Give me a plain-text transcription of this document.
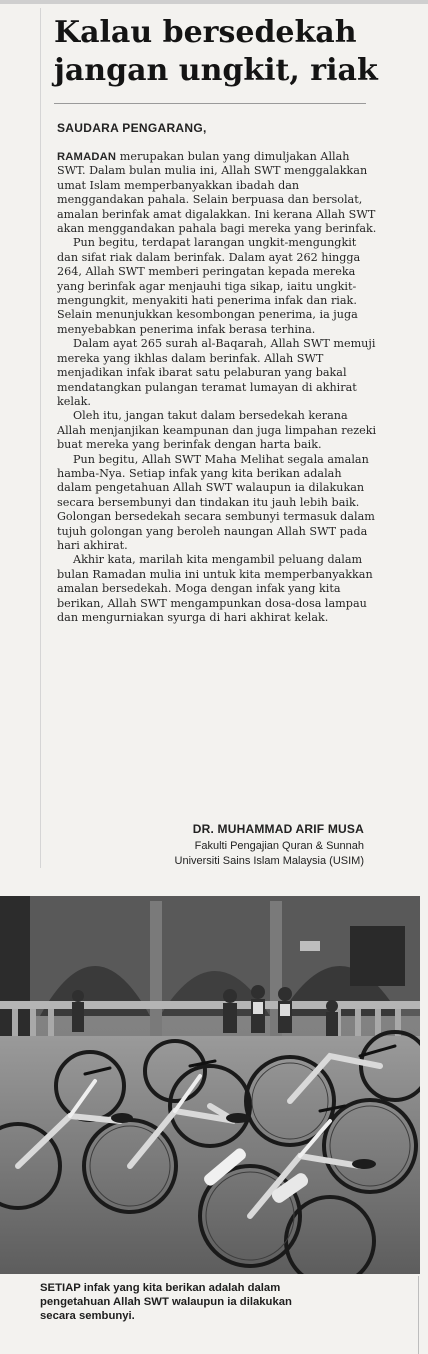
Kalau bersedekah
jangan ungkit, riak
SAUDARA PENGARANG,

RAMADAN merupakan bulan yang dimuljakan Allah SWT. Dalam bulan mulia ini, Allah SWT menggalakkan umat Islam memperbanyakkan ibadah dan menggandakan pahala. Selain berpuasa dan bersolat, amalan berinfak amat digalakkan. Ini kerana Allah SWT akan menggandakan pahala bagi mereka yang berinfak.

Pun begitu, terdapat larangan ungkit-mengungkit dan sifat riak dalam berinfak. Dalam ayat 262 hingga 264, Allah SWT memberi peringatan kepada mereka yang berinfak agar menjauhi tiga sikap, iaitu ungkit-mengungkit, menyakiti hati penerima infak dan riak. Selain menunjukkan kesombongan penerima, ia juga menyebabkan penerima infak berasa terhina.

Dalam ayat 265 surah al-Baqarah, Allah SWT memuji mereka yang ikhlas dalam berinfak. Allah SWT menjadikan infak ibarat satu pelaburan yang bakal mendatangkan pulangan teramat lumayan di akhirat kelak.

Oleh itu, jangan takut dalam bersedekah kerana Allah menjanjikan keampunan dan juga limpahan rezeki buat mereka yang berinfak dengan harta baik.

Pun begitu, Allah SWT Maha Melihat segala amalan hamba-Nya. Setiap infak yang kita berikan adalah dalam pengetahuan Allah SWT walaupun ia dilakukan secara bersembunyi dan tindakan itu jauh lebih baik. Golongan bersedekah secara sembunyi termasuk dalam tujuh golongan yang beroleh naungan Allah SWT pada hari akhirat.

Akhir kata, marilah kita mengambil peluang dalam bulan Ramadan mulia ini untuk kita memperbanyakkan amalan bersedekah. Moga dengan infak yang kita berikan, Allah SWT mengampunkan dosa-dosa lampau dan mengurniakan syurga di hari akhirat kelak.

DR. MUHAMMAD ARIF MUSA
Fakulti Pengajian Quran & Sunnah
Universiti Sains Islam Malaysia (USIM)

SETIAP infak yang kita berikan adalah dalam
pengetahuan Allah SWT walaupun ia dilakukan
secara sembunyi.
